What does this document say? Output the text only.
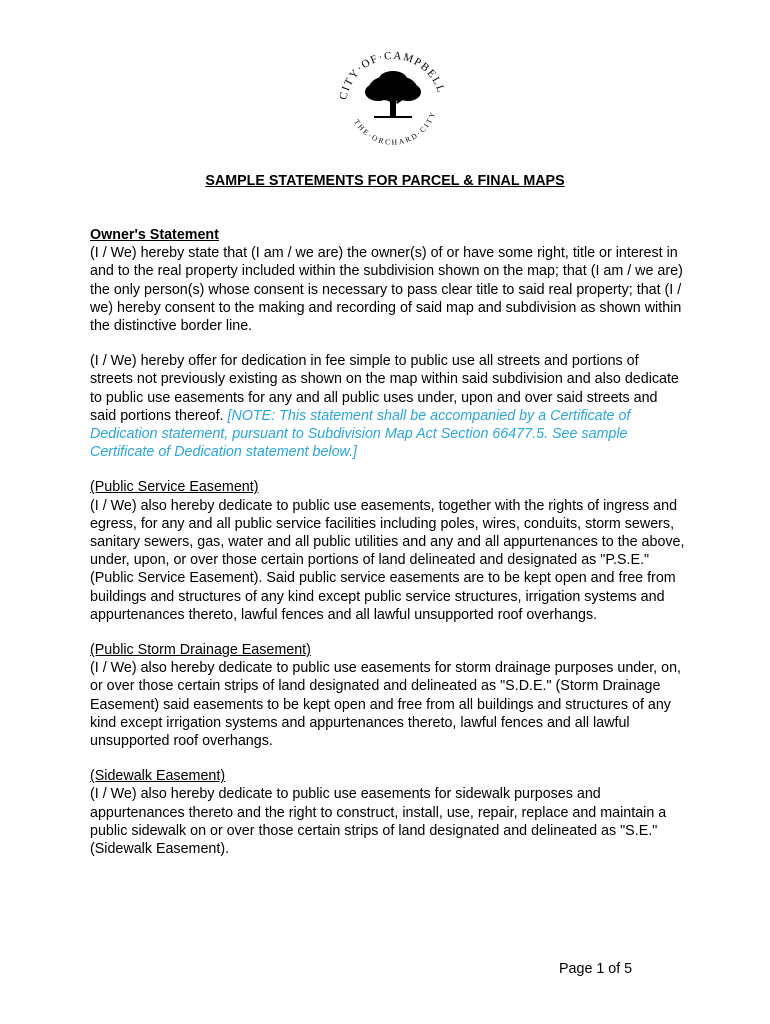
CITY·OF·CAMPBELL
THE·ORCHARD·CITY
SAMPLE STATEMENTS FOR PARCEL & FINAL MAPS

Owner's Statement
(I / We) hereby state that (I am / we are) the owner(s) of or have some right, title or interest in and to the real property included within the subdivision shown on the map; that (I am / we are) the only person(s) whose consent is necessary to pass clear title to said real property; that (I / we) hereby consent to the making and recording of said map and subdivision as shown within the distinctive border line.

(I / We) hereby offer for dedication in fee simple to public use all streets and portions of streets not previously existing as shown on the map within said subdivision and also dedicate to public use easements for any and all public uses under, upon and over said streets and said portions thereof. [NOTE: This statement shall be accompanied by a Certificate of Dedication statement, pursuant to Subdivision Map Act Section 66477.5. See sample Certificate of Dedication statement below.]

(Public Service Easement)
(I / We) also hereby dedicate to public use easements, together with the rights of ingress and egress, for any and all public service facilities including poles, wires, conduits, storm sewers, sanitary sewers, gas, water and all public utilities and any and all appurtenances to the above, under, upon, or over those certain portions of land delineated and designated as "P.S.E." (Public Service Easement). Said public service easements are to be kept open and free from buildings and structures of any kind except public service structures, irrigation systems and appurtenances thereto, lawful fences and all lawful unsupported roof overhangs.

(Public Storm Drainage Easement)
(I / We) also hereby dedicate to public use easements for storm drainage purposes under, on, or over those certain strips of land designated and delineated as "S.D.E." (Storm Drainage Easement) said easements to be kept open and free from all buildings and structures of any kind except irrigation systems and appurtenances thereto, lawful fences and all lawful unsupported roof overhangs.

(Sidewalk Easement)
(I / We) also hereby dedicate to public use easements for sidewalk purposes and appurtenances thereto and the right to construct, install, use, repair, replace and maintain a public sidewalk on or over those certain strips of land designated and delineated as "S.E." (Sidewalk Easement).

Page 1 of 5
